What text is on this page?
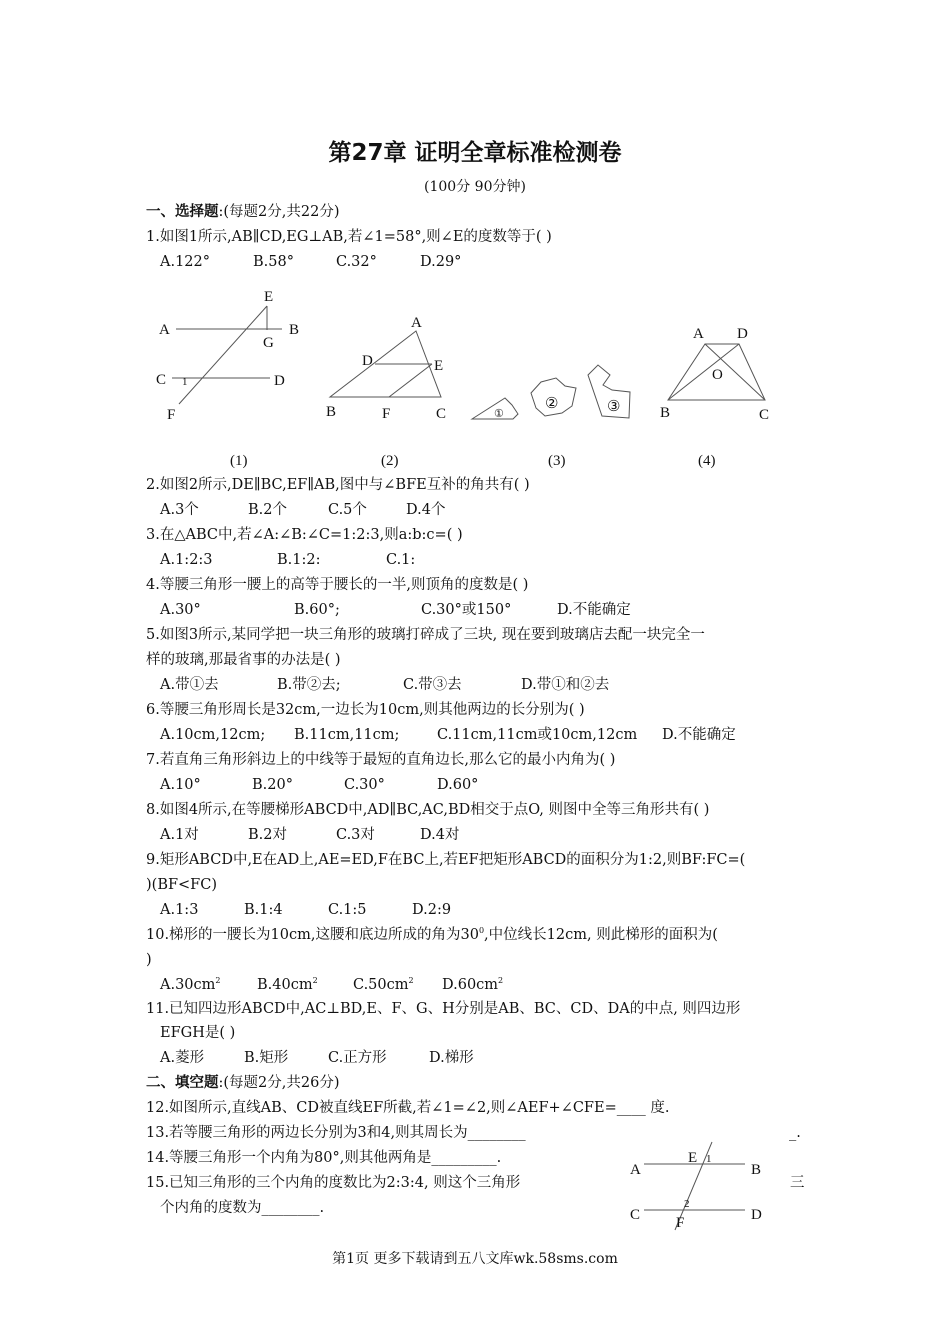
第27章 证明全章标准检测卷
(100分 90分钟)
一、选择题:(每题2分,共22分)
1.如图1所示,AB∥CD,EG⊥AB,若∠1=58°,则∠E的度数等于( )
A.122°	B.58°	C.32°	D.29°
E
A	B
G
C 1	D
F
A
D	E
B	F	C	①
②	③
A D
O
B	C
(1)	(2)	(3)	(4)
2.如图2所示,DE∥BC,EF∥AB,图中与∠BFE互补的角共有( )
A.3个	B.2个	C.5个	D.4个
3.在△ABC中,若∠A:∠B:∠C=1:2:3,则a:b:c=( )
A.1:2:3	B.1:2:	C.1:
4.等腰三角形一腰上的高等于腰长的一半,则顶角的度数是( )
A.30°	B.60°;	C.30°或150°	D.不能确定
5.如图3所示,某同学把一块三角形的玻璃打碎成了三块, 现在要到玻璃店去配一块完全一
样的玻璃,那最省事的办法是( )
A.带①去	B.带②去;	C.带③去	D.带①和②去
6.等腰三角形周长是32cm,一边长为10cm,则其他两边的长分别为( )
A.10cm,12cm; B.11cm,11cm;	C.11cm,11cm或10cm,12cm D.不能确定
7.若直角三角形斜边上的中线等于最短的直角边长,那么它的最小内角为( )
A.10°	B.20°	C.30°	D.60°
8.如图4所示,在等腰梯形ABCD中,AD∥BC,AC,BD相交于点O, 则图中全等三角形共有( )
A.1对	B.2对	C.3对	D.4对
9.矩形ABCD中,E在AD上,AE=ED,F在BC上,若EF把矩形ABCD的面积分为1:2,则BF:FC=(
)(BF<FC)
A.1:3	B.1:4	C.1:5	D.2:9
10.梯形的一腰长为10cm,这腰和底边所成的角为$30^0$,中位线长12cm, 则此梯形的面积为(
)
$A.30cm^2$	$B.40cm^2$ $C.50cm^2$ $D.60cm^2$
11.已知四边形ABCD中,AC⊥BD,E、F、G、H分别是AB、BC、CD、DA的中点, 则四边形
EFGH是( )
A.菱形	B.矩形	C.正方形	D.梯形
二、填空题:(每题2分,共26分)
12.如图所示,直线AB、CD被直线EF所截,若∠1=∠2,则∠AEF+∠CFE=____ 度.
13.若等腰三角形的两边长分别为3和4,则其周长为________	_.
14.等腰三角形一个内角为80°,则其他两角是_________.
15.已知三角形的三个内角的度数比为2:3:4, 则这个三角形	三
个内角的度数为________.
A
E 1
B
2
C	D
F
第1页 更多下载请到五八文库wk.58sms.com
